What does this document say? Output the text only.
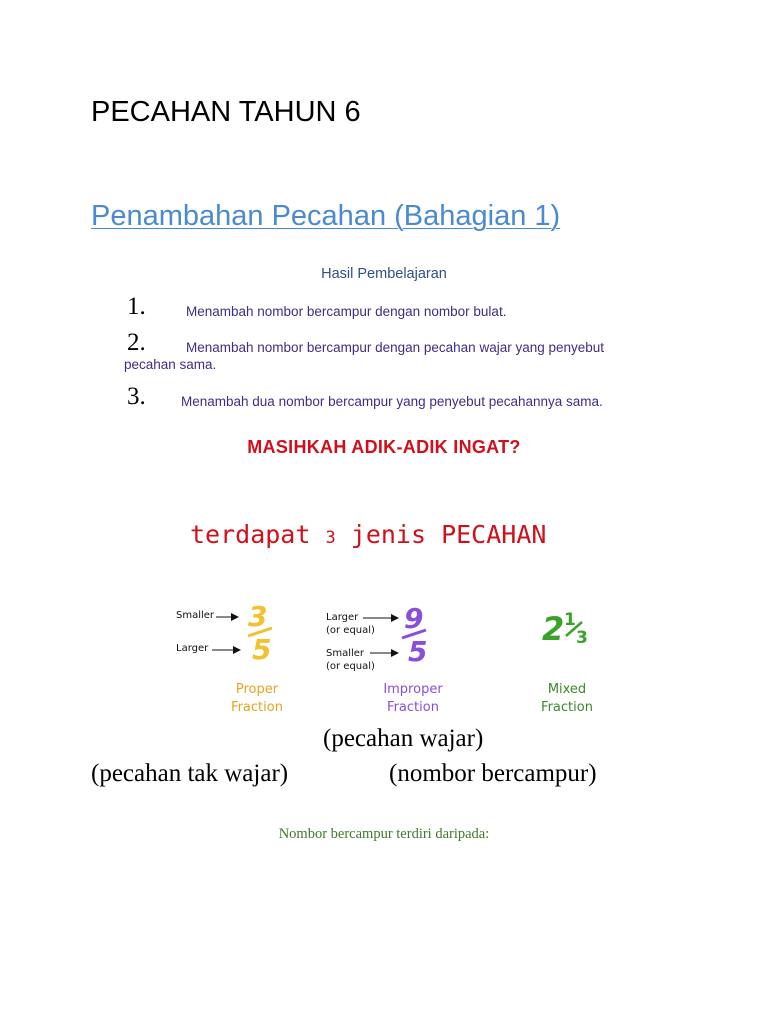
PECAHAN TAHUN 6
Penambahan Pecahan (Bahagian 1)
Hasil Pembelajaran
1.	Menambah nombor bercampur dengan nombor bulat.
2.	Menambah nombor bercampur dengan pecahan wajar yang penyebut
pecahan sama.
3.	Menambah dua nombor bercampur yang penyebut pecahannya sama.
MASIHKAH ADIK-ADIK INGAT?
terdapat 3 jenis PECAHAN
Smaller
Larger
3
5
Proper
Fraction
Larger
(or equal)
Smaller
(or equal)
9
5
Improper
Fraction
2 1
3
Mixed
Fraction
(pecahan wajar)
(pecahan tak wajar)	(nombor bercampur)
Nombor bercampur terdiri daripada:
